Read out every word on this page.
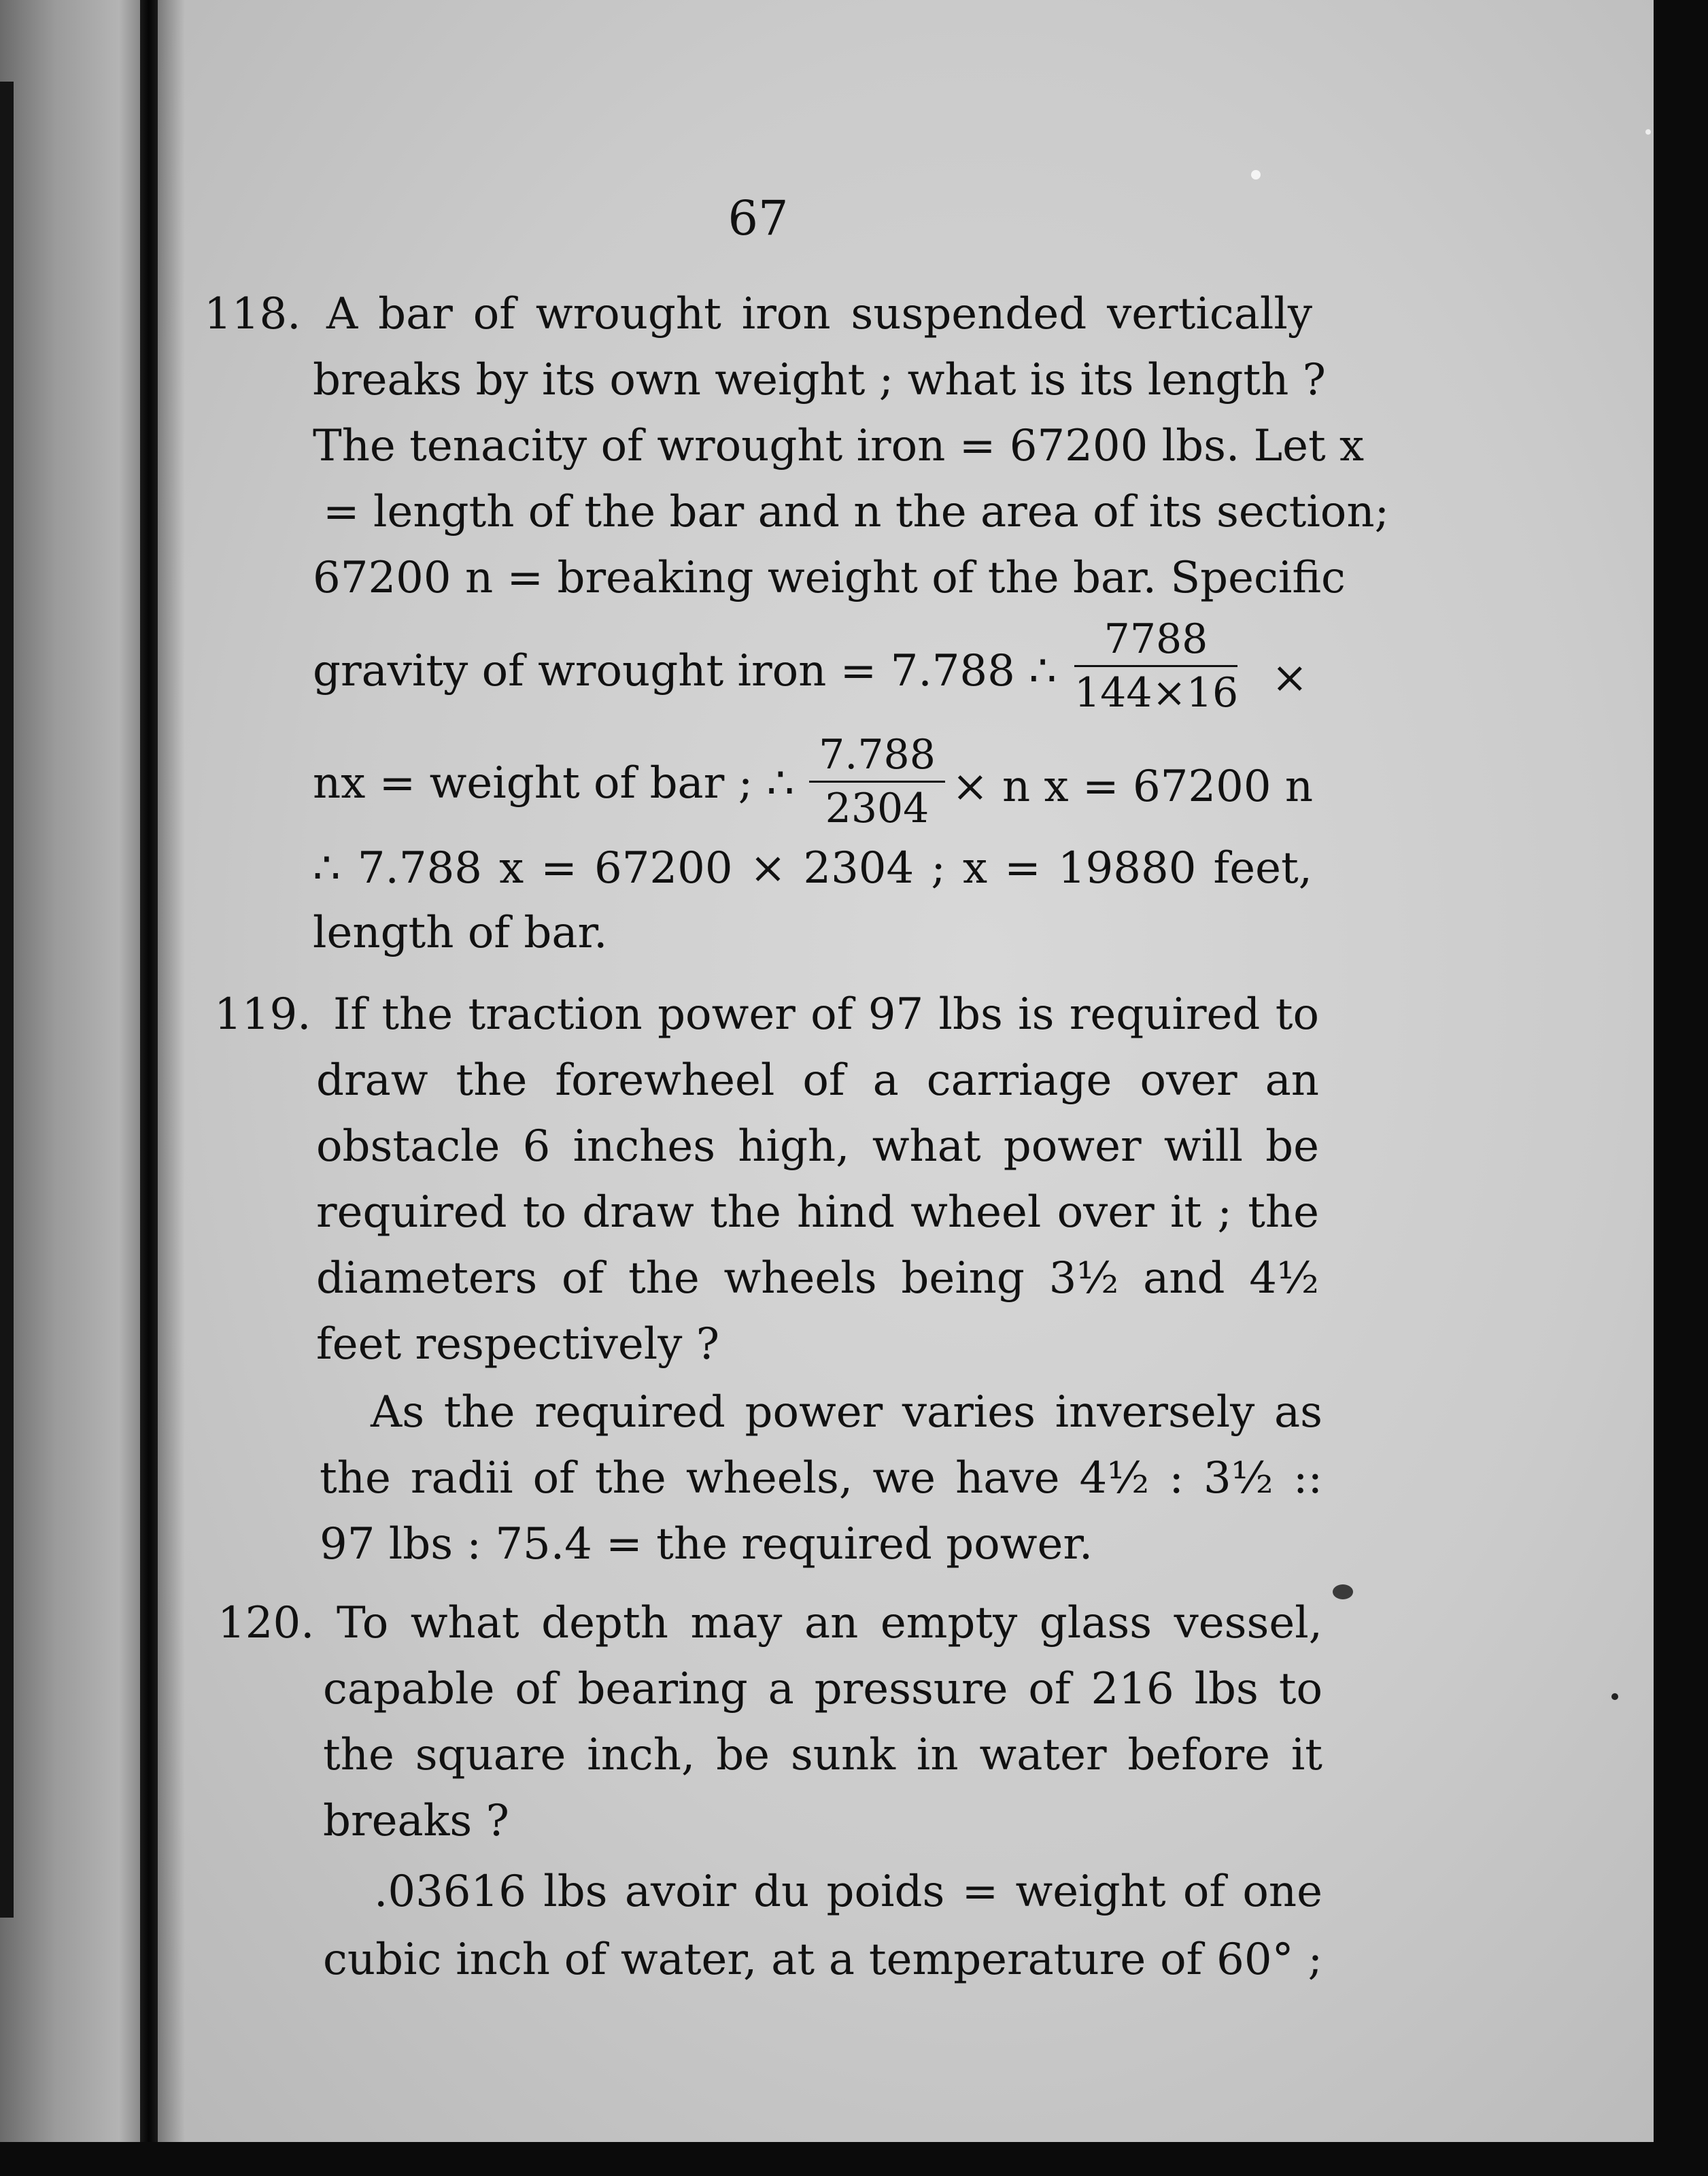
67
118. A bar of wrought iron suspended vertically
breaks by its own weight ; what is its length ?
The tenacity of wrought iron = 67200 lbs. Let x
= length of the bar and n the area of its section;
67200 n = breaking weight of the bar. Specific
gravity of wrought iron = 7.788 ∴ $\frac{7788}{144\times 16}$ ×
nx = weight of bar ; ∴ $\frac{7.788}{2304} \times n$ x = 67200 n
∴ 7.788 x = 67200 × 2304 ; x = 19880 feet,
length of bar.
119. If the traction power of 97 lbs is required to
draw the forewheel of a carriage over an
obstacle 6 inches high, what power will be
required to draw the hind wheel over it ; the
diameters of the wheels being 3½ and 4½
feet respectively ?
As the required power varies inversely as
the radii of the wheels, we have 4½ : 3½ ::
97 lbs : 75.4 = the required power.
120. To what depth may an empty glass vessel,
capable of bearing a pressure of 216 lbs to
the square inch, be sunk in water before it
breaks ?
.03616 lbs avoir du poids = weight of one
cubic inch of water, at a temperature of 60° ;
